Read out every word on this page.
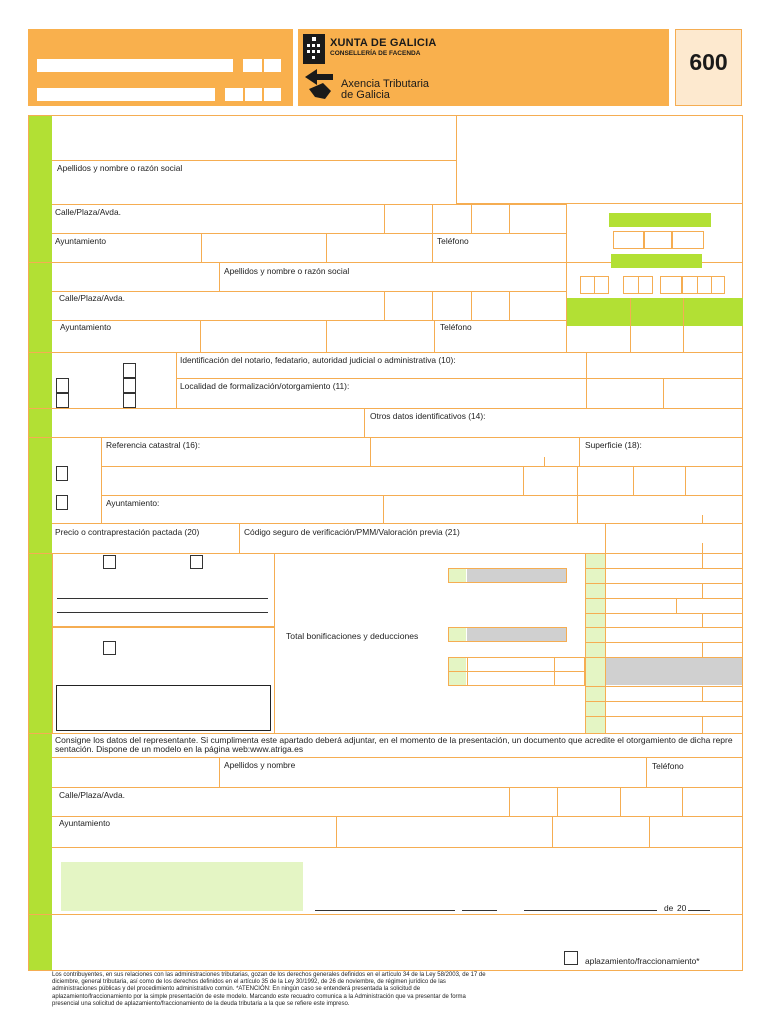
XUNTA DE GALICIA
CONSELLERÍA DE FACENDA
Axencia Tributaria
de Galicia
600
Apellidos y nombre o razón social
Calle/Plaza/Avda.
Ayuntamiento	Teléfono
Apellidos y nombre o razón social
Calle/Plaza/Avda.
Ayuntamiento	Teléfono
Identificación del notario, fedatario, autoridad judicial o administrativa (10):
Localidad de formalización/otorgamiento (11):
Otros datos identificativos (14):
Referencia catastral (16):	Superficie (18):
Ayuntamiento:
Precio o contraprestación pactada (20)	Código seguro de verificación/PMM/Valoración previa (21)
Total bonificaciones y deducciones
Consigne los datos del representante. Si cumplimenta este apartado deberá adjuntar, en el momento de la presentación, un documento que acredite el otorgamiento de dicha repre sentación. Dispone de un modelo en la página web:www.atriga.es
Apellidos y nombre	Teléfono
Calle/Plaza/Avda.
Ayuntamiento
de 20
aplazamiento/fraccionamiento*
Los contribuyentes, en sus relaciones con las administraciones tributarias, gozan de los derechos generales definidos en el artículo 34 de la Ley 58/2003, de 17 de diciembre, general tributaria, así como de los derechos definidos en el artículo 35 de la Ley 30/1992, de 26 de noviembre, de régimen jurídico de las administraciones públicas y del procedimiento administrativo común. *ATENCIÓN: En ningún caso se entenderá presentada la solicitud de aplazamiento/fraccionamiento por la simple presentación de este modelo. Marcando este recuadro comunica a la Administración que va presentar de forma presencial una solicitud de aplazamiento/fraccionamiento de la deuda tributaria a la que se refiere este impreso.
